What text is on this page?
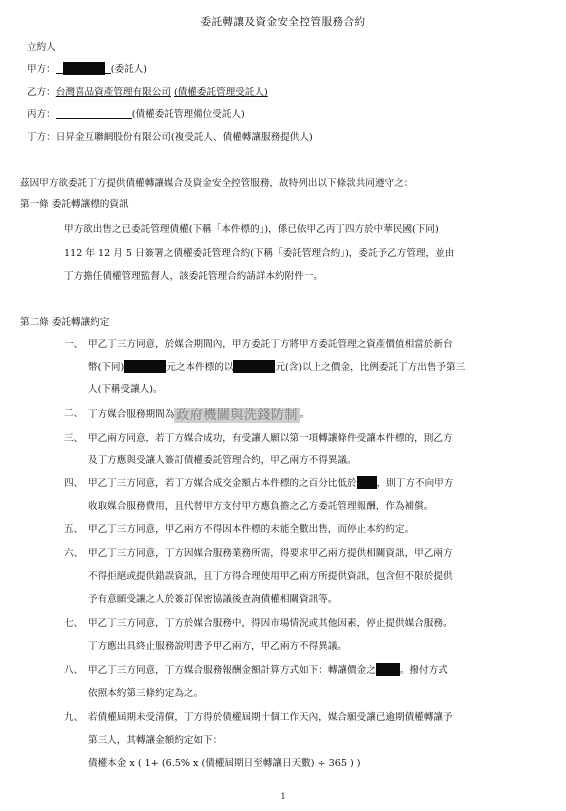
委託轉讓及資金安全控管服務合約
立約人
甲方：	(委託人)
乙方：台灣喜品資產管理有限公司 (債權委託管理受託人)
丙方：	(債權委託管理備位受託人)
丁方：日昇金互聯網股份有限公司(複受託人、債權轉讓服務提供人)
茲因甲方欲委託丁方提供債權轉讓媒合及資金安全控管服務，故特列出以下條款共同遵守之：
第一條 委託轉讓標的資訊
甲方欲出售之已委託管理債權(下稱「本件標的」)，係已依甲乙丙丁四方於中華民國(下同)
112 年 12 月 5 日簽署之債權委託管理合約(下稱「委託管理合約」)，委託予乙方管理，並由
丁方擔任債權管理監督人，該委託管理合約請詳本約附件一。
第二條 委託轉讓約定
一、 甲乙丁三方同意，於媒合期間內，甲方委託丁方將甲方委託管理之資產價值相當於新台
幣(下同)	元之本件標的以	元(含)以上之價金，比例委託丁方出售予第三
人(下稱受讓人)。
二、 丁方媒合服務期間為 政府機關與洗錢防制 。
三、 甲乙兩方同意，若丁方媒合成功，有受讓人願以第一項轉讓條件受讓本件標的，則乙方
及丁方應與受讓人簽訂債權委託管理合約，甲乙兩方不得異議。
四、 甲乙丁三方同意，若丁方媒合成交金額占本件標的之百分比低於 ，則丁方不向甲方
收取媒合服務費用，且代替甲方支付甲方應負擔之乙方委託管理報酬，作為補償。
五、 甲乙丁三方同意，甲乙兩方不得因本件標的未能全數出售，而停止本約約定。
六、 甲乙丁三方同意，丁方因媒合服務業務所需，得要求甲乙兩方提供相關資訊，甲乙兩方
不得拒絕或提供錯誤資訊，且丁方得合理使用甲乙兩方所提供資訊，包含但不限於提供
予有意願受讓之人於簽訂保密協議後查詢債權相關資訊等。
七、 甲乙丁三方同意，丁方於媒合服務中，得因市場情況或其他因素，停止提供媒合服務。
丁方應出具終止服務說明書予甲乙兩方，甲乙兩方不得異議。
八、 甲乙丁三方同意，丁方媒合服務報酬金額計算方式如下：轉讓價金之	。撥付方式
依照本約第三條約定為之。
九、 若債權屆期未受清償，丁方得於債權屆期十個工作天內，媒合願受讓已逾期債權轉讓予
第三人，其轉讓金額約定如下：
債權本金 x ( 1+ (6.5% x (債權屆期日至轉讓日天數) ÷ 365 ) )
1
